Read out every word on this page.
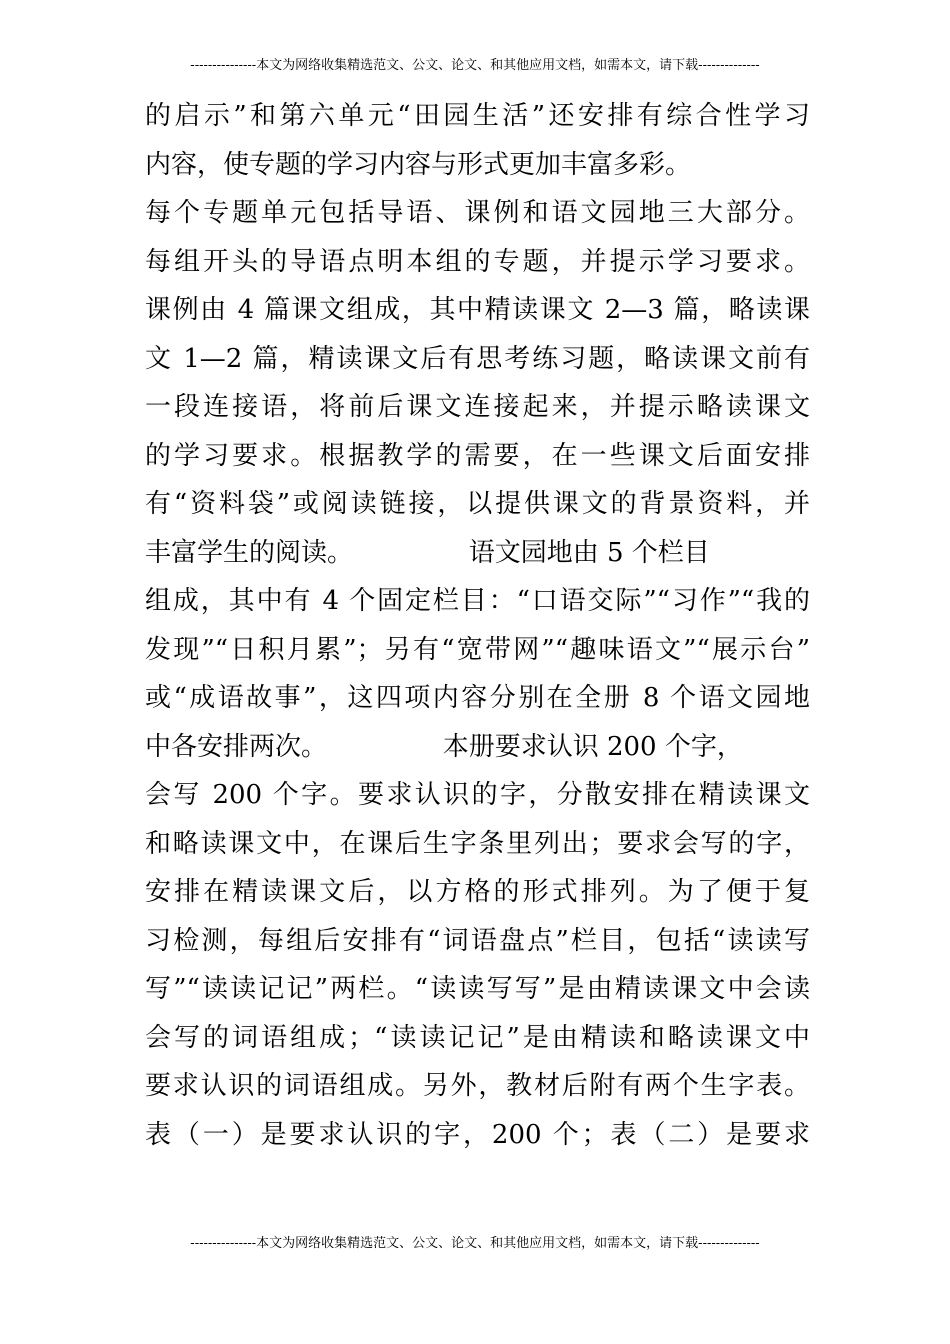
---------------本文为网络收集精选范文、公文、论文、和其他应用文档，如需本文，请下载--------------
的启示”和第六单元“田园生活”还安排有综合性学习
内容，使专题的学习内容与形式更加丰富多彩。
每个专题单元包括导语、课例和语文园地三大部分。
每组开头的导语点明本组的专题，并提示学习要求。
课例由 4 篇课文组成，其中精读课文 2—3 篇，略读课
文 1—2 篇，精读课文后有思考练习题，略读课文前有
一段连接语，将前后课文连接起来，并提示略读课文
的学习要求。根据教学的需要，在一些课文后面安排
有“资料袋”或阅读链接，以提供课文的背景资料，并
丰富学生的阅读。              语文园地由 5 个栏目
组成，其中有 4 个固定栏目：“口语交际”“习作”“我的
发现”“日积月累”；另有“宽带网”“趣味语文”“展示台”
或“成语故事”，这四项内容分别在全册 8 个语文园地
中各安排两次。              本册要求认识 200 个字，
会写 200 个字。要求认识的字，分散安排在精读课文
和略读课文中，在课后生字条里列出；要求会写的字，
安排在精读课文后，以方格的形式排列。为了便于复
习检测，每组后安排有“词语盘点”栏目，包括“读读写
写”“读读记记”两栏。“读读写写”是由精读课文中会读
会写的词语组成；“读读记记”是由精读和略读课文中
要求认识的词语组成。另外，教材后附有两个生字表。
表（一）是要求认识的字，200 个；表（二）是要求
---------------本文为网络收集精选范文、公文、论文、和其他应用文档，如需本文，请下载--------------
